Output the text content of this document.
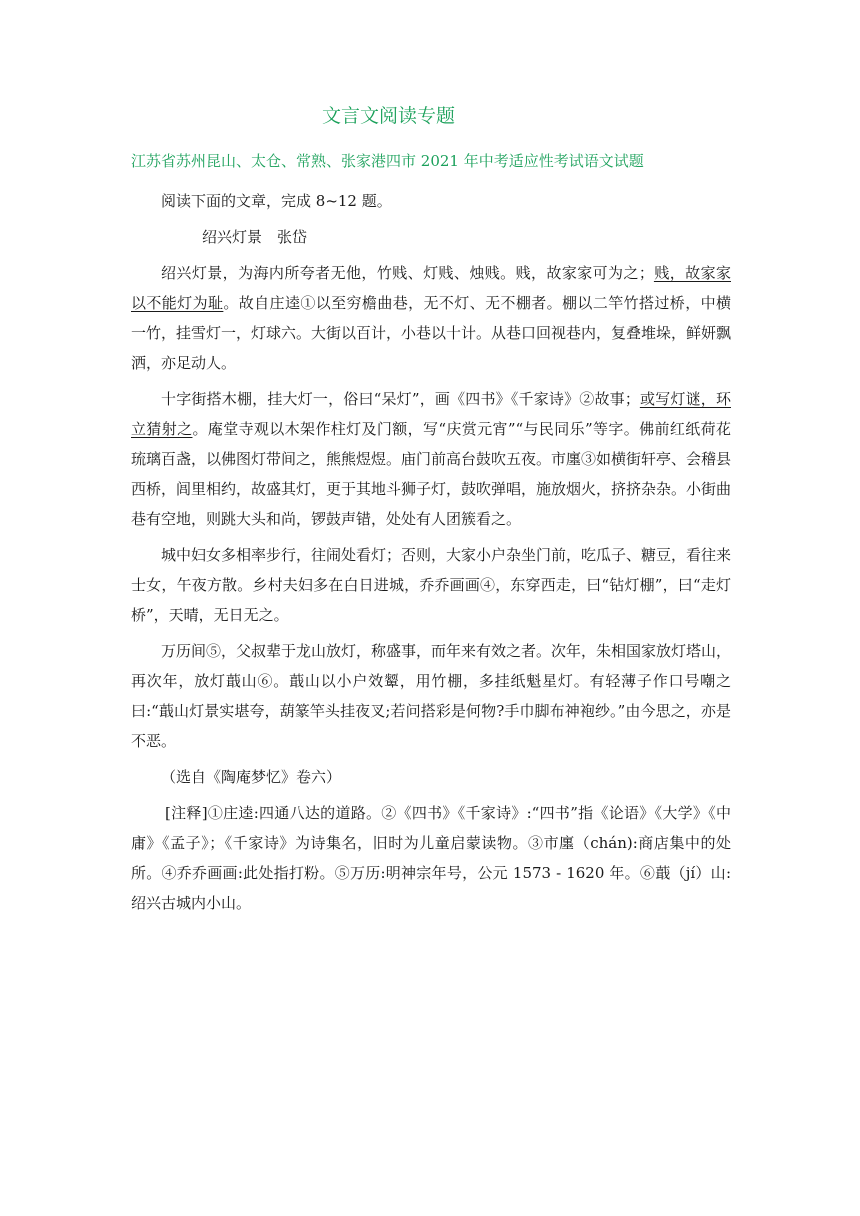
文言文阅读专题
江苏省苏州昆山、太仓、常熟、张家港四市 2021 年中考适应性考试语文试题

阅读下面的文章，完成 8~12 题。

绍兴灯景　张岱

绍兴灯景，为海内所夸者无他，竹贱、灯贱、烛贱。贱，故家家可为之；贱，故家家以不能灯为耻。故自庄逵①以至穷檐曲巷，无不灯、无不棚者。棚以二竿竹搭过桥，中横一竹，挂雪灯一，灯球六。大街以百计，小巷以十计。从巷口回视巷内，复叠堆垛，鲜妍飘洒，亦足动人。

十字街搭木棚，挂大灯一，俗曰“呆灯”，画《四书》《千家诗》②故事；或写灯谜，环立猜射之。庵堂寺观以木架作柱灯及门额，写“庆赏元宵”“与民同乐”等字。佛前红纸荷花琉璃百盏，以佛图灯带间之，熊熊煜煜。庙门前高台鼓吹五夜。市廛③如横街轩亭、会稽县西桥，闾里相约，故盛其灯，更于其地斗狮子灯，鼓吹弹唱，施放烟火，挤挤杂杂。小街曲巷有空地，则跳大头和尚，锣鼓声错，处处有人团簇看之。

城中妇女多相率步行，往闹处看灯；否则，大家小户杂坐门前，吃瓜子、糖豆，看往来士女，午夜方散。乡村夫妇多在白日进城，乔乔画画④，东穿西走，曰“钻灯棚”，曰“走灯桥”，天晴，无日无之。

万历间⑤，父叔辈于龙山放灯，称盛事，而年来有效之者。次年，朱相国家放灯塔山，再次年，放灯蕺山⑥。蕺山以小户效颦，用竹棚，多挂纸魁星灯。有轻薄子作口号嘲之曰:“蕺山灯景实堪夸，葫篆竿头挂夜叉;若问搭彩是何物?手巾脚布神袍纱。”由今思之，亦是不恶。

（选自《陶庵梦忆》卷六）

[注释]①庄逵:四通八达的道路。②《四书》《千家诗》:“四书”指《论语》《大学》《中庸》《孟子》；《千家诗》为诗集名，旧时为儿童启蒙读物。③市廛（chán):商店集中的处所。④乔乔画画:此处指打粉。⑤万历:明神宗年号，公元 1573 - 1620 年。⑥蕺（jí）山:绍兴古城内小山。
